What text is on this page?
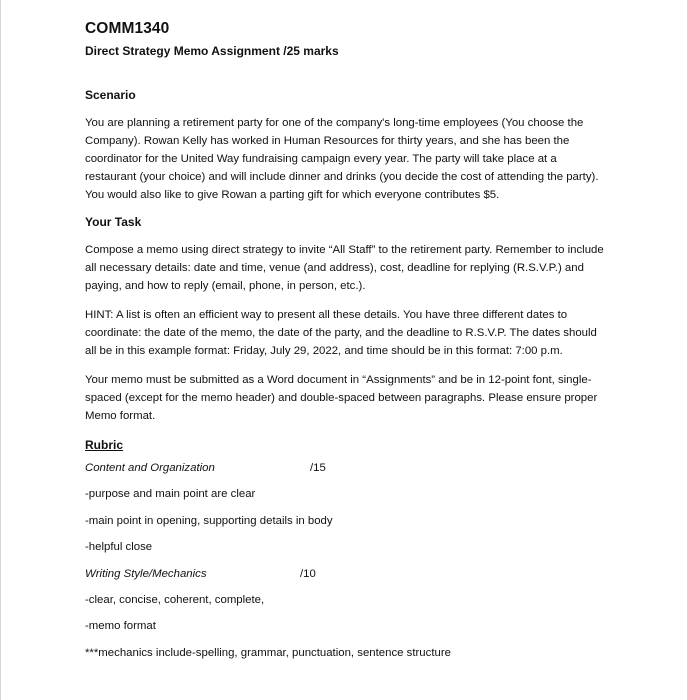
COMM1340
Direct Strategy Memo Assignment /25 marks
Scenario

You are planning a retirement party for one of the company's long-time employees (You choose the Company). Rowan Kelly has worked in Human Resources for thirty years, and she has been the coordinator for the United Way fundraising campaign every year. The party will take place at a restaurant (your choice) and will include dinner and drinks (you decide the cost of attending the party). You would also like to give Rowan a parting gift for which everyone contributes $5.

Your Task

Compose a memo using direct strategy to invite “All Staff” to the retirement party. Remember to include all necessary details: date and time, venue (and address), cost, deadline for replying (R.S.V.P.) and paying, and how to reply (email, phone, in person, etc.).

HINT: A list is often an efficient way to present all these details. You have three different dates to coordinate: the date of the memo, the date of the party, and the deadline to R.S.V.P. The dates should all be in this example format: Friday, July 29, 2022, and time should be in this format: 7:00 p.m.

Your memo must be submitted as a Word document in “Assignments” and be in 12-point font, single-spaced (except for the memo header) and double-spaced between paragraphs. Please ensure proper Memo format.

Rubric
Content and Organization	/15
-purpose and main point are clear
-main point in opening, supporting details in body
-helpful close
Writing Style/Mechanics	/10
-clear, concise, coherent, complete,
-memo format
***mechanics include-spelling, grammar, punctuation, sentence structure
